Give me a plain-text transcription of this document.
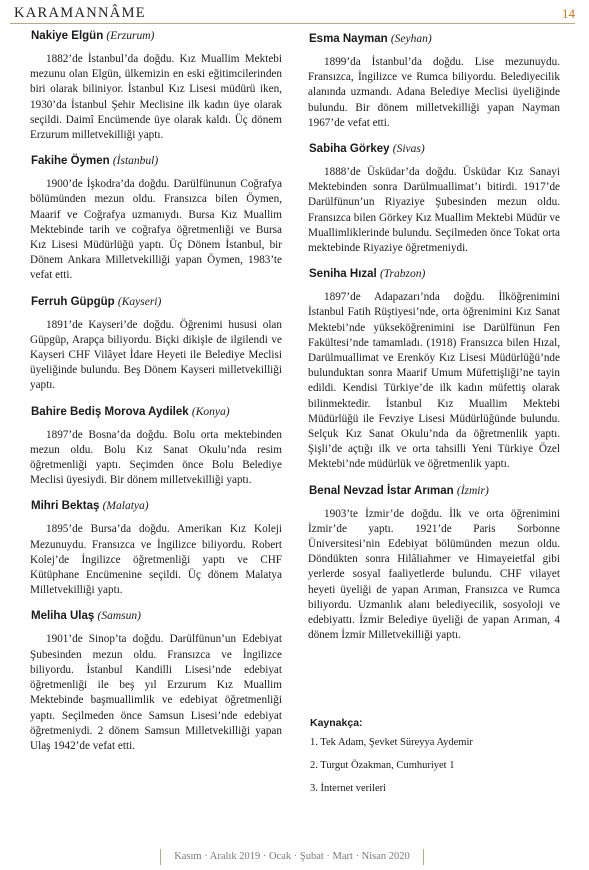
KARAMANNÂME	14

Nakiye Elgün (Erzurum)

1882’de İstanbul’da doğdu. Kız Muallim Mektebi mezunu olan Elgün, ülkemizin en eski eğitimcilerinden biri olarak biliniyor. İstanbul Kız Lisesi müdürü iken, 1930’da İstanbul Şehir Meclisine ilk kadın üye olarak seçildi. Daimî Encümende üye olarak kaldı. Üç dönem Erzurum milletvekilliği yaptı.

Fakihe Öymen (İstanbul)

1900’de İşkodra’da doğdu. Darülfünunun Coğrafya bölümünden mezun oldu. Fransızca bilen Öymen, Maarif ve Coğrafya uzmanıydı. Bursa Kız Muallim Mektebinde tarih ve coğrafya öğretmenliği ve Bursa Kız Lisesi Müdürlüğü yaptı. Üç Dönem İstanbul, bir Dönem Ankara Milletvekilliği yapan Öymen, 1983’te vefat etti.

Ferruh Güpgüp (Kayseri)

1891’de Kayseri’de doğdu. Öğrenimi hususi olan Güpgüp, Arapça biliyordu. Biçki dikişle de ilgilendi ve Kayseri CHF Vilâyet İdare Heyeti ile Belediye Meclisi üyeliğinde bulundu. Beş Dönem Kayseri milletvekilliği yaptı.

Bahire Bediş Morova Aydilek (Konya)

1897’de Bosna’da doğdu. Bolu orta mektebinden mezun oldu. Bolu Kız Sanat Okulu’nda resim öğretmenliği yaptı. Seçimden önce Bolu Belediye Meclisi üyesiydi. Bir dönem milletvekilliği yaptı.

Mihri Bektaş (Malatya)

1895’de Bursa’da doğdu. Amerikan Kız Koleji Mezunuydu. Fransızca ve İngilizce biliyordu. Robert Kolej’de İngilizce öğretmenliği yaptı ve CHF Kütüphane Encümenine seçildi. Üç dönem Malatya Milletvekilliği yaptı.

Meliha Ulaş (Samsun)

1901’de Sinop’ta doğdu. Darülfünun’un Edebiyat Şubesinden mezun oldu. Fransızca ve İngilizce biliyordu. İstanbul Kandilli Lisesi’nde edebiyat öğretmenliği ile beş yıl Erzurum Kız Muallim Mektebinde başmuallimlik ve edebiyat öğretmenliği yaptı. Seçilmeden önce Samsun Lisesi’nde edebiyat öğretmeniydi. 2 dönem Samsun Milletvekilliği yapan Ulaş 1942’de vefat etti.

Esma Nayman (Seyhan)

1899’da İstanbul’da doğdu. Lise mezunuydu. Fransızca, İngilizce ve Rumca biliyordu. Belediyecilik alanında uzmandı. Adana Belediye Meclisi üyeliğinde bulundu. Bir dönem milletvekilliği yapan Nayman 1967’de vefat etti.

Sabiha Görkey (Sivas)

1888’de Üsküdar’da doğdu. Üsküdar Kız Sanayi Mektebinden sonra Darülmuallimat’ı bitirdi. 1917’de Darülfünun’un Riyaziye Şubesinden mezun oldu. Fransızca bilen Görkey Kız Muallim Mektebi Müdür ve Muallimliklerinde bulundu. Seçilmeden önce Tokat orta mektebinde Riyaziye öğretmeniydi.

Seniha Hızal (Trabzon)

1897’de Adapazarı’nda doğdu. İlköğrenimini İstanbul Fatih Rüştiyesi’nde, orta öğrenimini Kız Sanat Mektebi’nde yükseköğrenimini ise Darülfünun Fen Fakültesi’nde tamamladı. (1918) Fransızca bilen Hızal, Darülmuallimat ve Erenköy Kız Lisesi Müdürlüğü’nde bulunduktan sonra Maarif Umum Müfettişliği’ne tayin edildi. Kendisi Türkiye’de ilk kadın müfettiş olarak bilinmektedir. İstanbul Kız Muallim Mektebi Müdürlüğü ile Fevziye Lisesi Müdürlüğünde bulundu. Selçuk Kız Sanat Okulu’nda da öğretmenlik yaptı. Şişli’de açtığı ilk ve orta tahsilli Yeni Türkiye Özel Mektebi’nde müdürlük ve öğretmenlik yaptı.

Benal Nevzad İstar Arıman (İzmir)

1903’te İzmir’de doğdu. İlk ve orta öğrenimini İzmir’de yaptı. 1921’de Paris Sorbonne Üniversitesi’nin Edebiyat bölümünden mezun oldu. Döndükten sonra Hilâliahmer ve Himayeietfal gibi yerlerde sosyal faaliyetlerde bulundu. CHF vilayet heyeti üyeliği de yapan Arıman, Fransızca ve Rumca biliyordu. Uzmanlık alanı belediyecilik, sosyoloji ve edebiyattı. İzmir Belediye üyeliği de yapan Arıman, 4 dönem İzmir Milletvekilliği yaptı.

Kaynakça:

1. Tek Adam, Şevket Süreyya Aydemir

2. Turgut Özakman, Cumhuriyet 1

3. İnternet verileri

Kasım · Aralık 2019 · Ocak · Şubat · Mart · Nisan 2020
